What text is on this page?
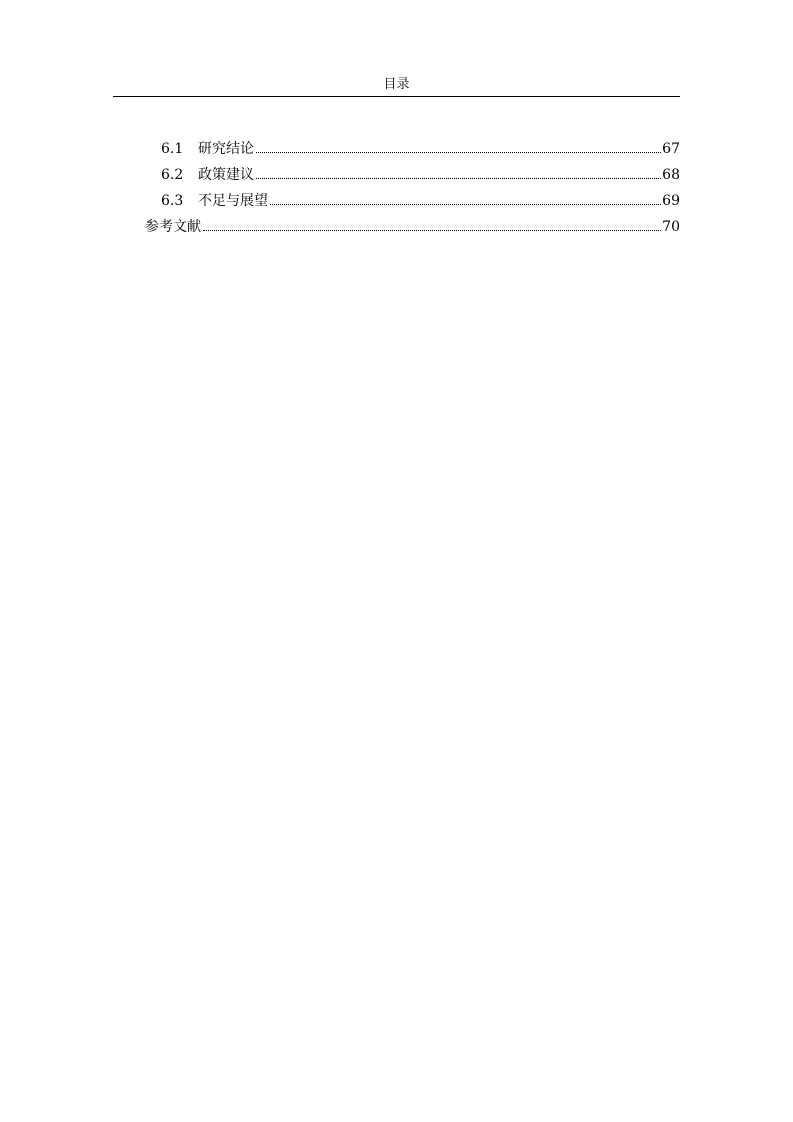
目录
6.1	研究结论	67
6.2	政策建议	68
6.3	不足与展望	69
参考文献	70
